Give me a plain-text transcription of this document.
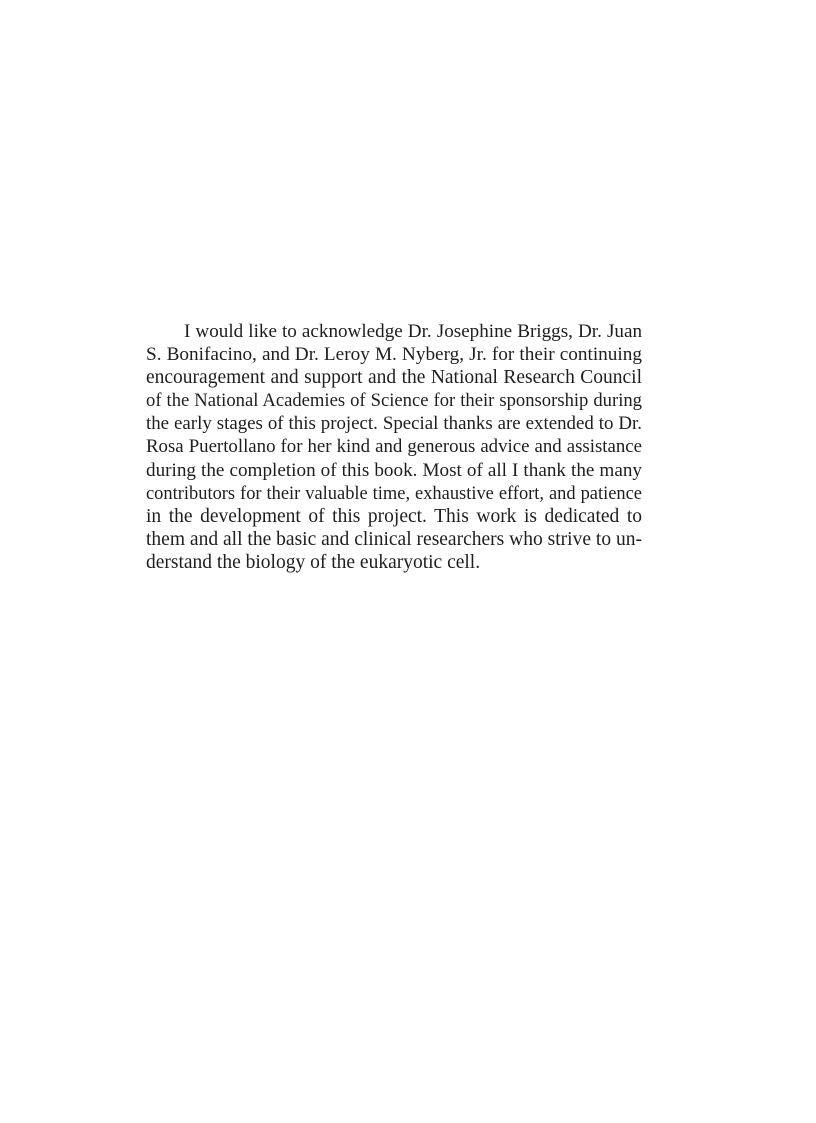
I would like to acknowledge Dr. Josephine Briggs, Dr. Juan
S. Bonifacino, and Dr. Leroy M. Nyberg, Jr. for their continuing
encouragement and support and the National Research Council
of the National Academies of Science for their sponsorship during
the early stages of this project. Special thanks are extended to Dr.
Rosa Puertollano for her kind and generous advice and assistance
during the completion of this book. Most of all I thank the many
contributors for their valuable time, exhaustive effort, and patience
in the development of this project. This work is dedicated to
them and all the basic and clinical researchers who strive to un-
derstand the biology of the eukaryotic cell.
